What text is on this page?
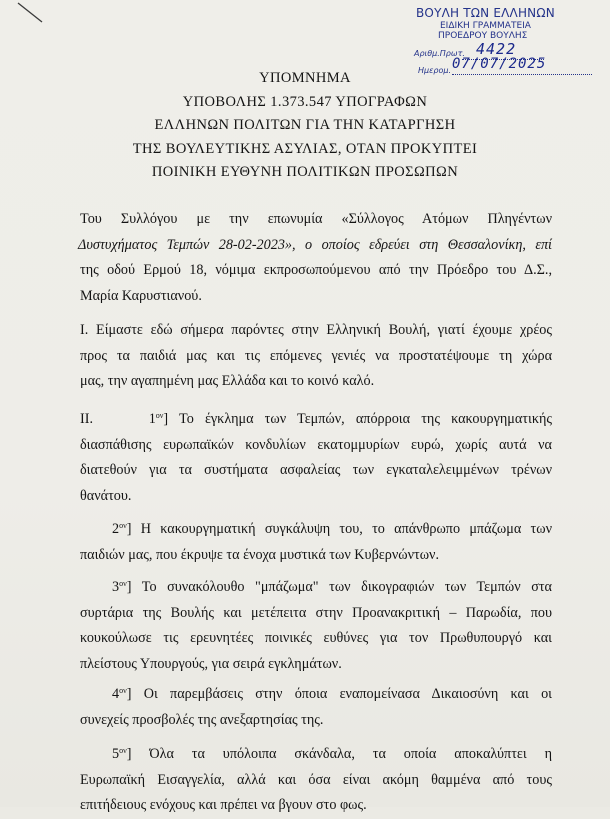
ΒΟΥΛΗ ΤΩΝ ΕΛΛΗΝΩΝ
ΕΙΔΙΚΗ ΓΡΑΜΜΑΤΕΙΑ
ΠΡΟΕΔΡΟΥ ΒΟΥΛΗΣ
Αριθμ.Πρωτ. 4422
Ημερομ. 07/07/2025
ΥΠΟΜΝΗΜΑ
ΥΠΟΒΟΛΗΣ 1.373.547 ΥΠΟΓΡΑΦΩΝ
ΕΛΛΗΝΩΝ ΠΟΛΙΤΩΝ ΓΙΑ ΤΗΝ ΚΑΤΑΡΓΗΣΗ
ΤΗΣ ΒΟΥΛΕΥΤΙΚΗΣ ΑΣΥΛΙΑΣ, ΟΤΑΝ ΠΡΟΚΥΠΤΕΙ
ΠΟΙΝΙΚΗ ΕΥΘΥΝΗ ΠΟΛΙΤΙΚΩΝ ΠΡΟΣΩΠΩΝ
Του Συλλόγου με την επωνυμία «Σύλλογος Ατόμων Πληγέντων
Δυστυχήματος Τεμπών 28-02-2023», ο οποίος εδρεύει στη Θεσσαλονίκη, επί
της οδού Ερμού 18, νόμιμα εκπροσωπούμενου από την Πρόεδρο του Δ.Σ.,
Μαρία Καρυστιανού.
I. Είμαστε εδώ σήμερα παρόντες στην Ελληνική Βουλή, γιατί έχουμε χρέος
προς τα παιδιά μας και τις επόμενες γενιές να προστατέψουμε τη χώρα
μας, την αγαπημένη μας Ελλάδα και το κοινό καλό.
II.	$1^{o\nu}$] Το έγκλημα των Τεμπών, απόρροια της κακουργηματικής
διασπάθισης ευρωπαϊκών κονδυλίων εκατομμυρίων ευρώ, χωρίς αυτά να
διατεθούν για τα συστήματα ασφαλείας των εγκαταλελειμμένων τρένων
θανάτου.
$2^{o\nu}$] Η κακουργηματική συγκάλυψη του, το απάνθρωπο μπάζωμα των
παιδιών μας, που έκρυψε τα ένοχα μυστικά των Κυβερνώντων.
$3^{o\nu}$] Το συνακόλουθο "μπάζωμα" των δικογραφιών των Τεμπών στα
συρτάρια της Βουλής και μετέπειτα στην Προανακριτική – Παρωδία, που
κουκούλωσε τις ερευνητέες ποινικές ευθύνες για τον Πρωθυπουργό και
πλείστους Υπουργούς, για σειρά εγκλημάτων.
$4^{o\nu}$] Οι παρεμβάσεις στην όποια εναπομείνασα Δικαιοσύνη και οι
συνεχείς προσβολές της ανεξαρτησίας της.
$5^{o\nu}$] Όλα τα υπόλοιπα σκάνδαλα, τα οποία αποκαλύπτει η
Ευρωπαϊκή Εισαγγελία, αλλά και όσα είναι ακόμη θαμμένα από τους
επιτήδειους ενόχους και πρέπει να βγουν στο φως.
